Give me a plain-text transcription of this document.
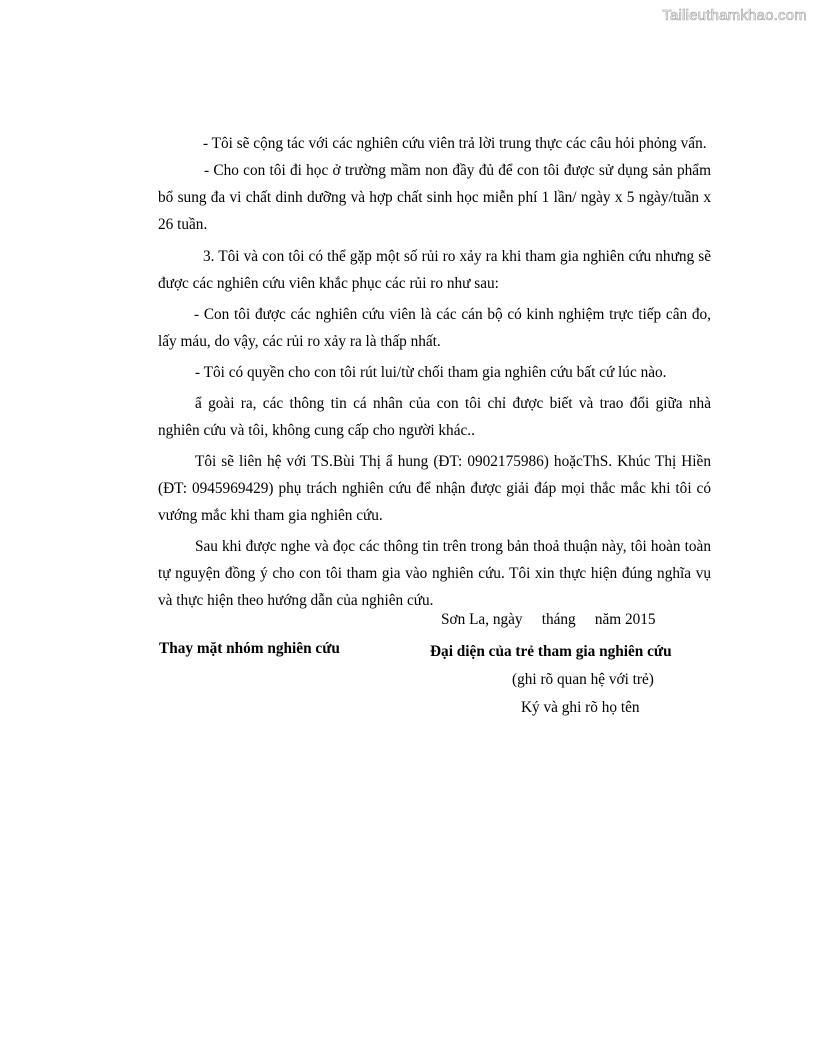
Tailieuthamkhao.com

- Tôi sẽ cộng tác với các nghiên cứu viên trả lời trung thực các câu hỏi phỏng vấn.

- Cho con tôi đi học ở trường mầm non đầy đủ để con tôi được sử dụng sản phẩm bổ sung đa vi chất dinh dưỡng và hợp chất sinh học miễn phí 1 lần/ ngày x 5 ngày/tuần x 26 tuần.

3. Tôi và con tôi có thể gặp một số rủi ro xảy ra khi tham gia nghiên cứu nhưng sẽ được các nghiên cứu viên khắc phục các rủi ro như sau:

- Con tôi được các nghiên cứu viên là các cán bộ có kinh nghiệm trực tiếp cân đo, lấy máu, do vậy, các rủi ro xảy ra là thấp nhất.

- Tôi có quyền cho con tôi rút lui/từ chối tham gia nghiên cứu bất cứ lúc nào.

ẩ goài ra, các thông tin cá nhân của con tôi chỉ được biết và trao đổi giữa nhà nghiên cứu và tôi, không cung cấp cho người khác..

Tôi sẽ liên hệ với TS.Bùi Thị ẩ hung (ĐT: 0902175986) hoặcThS. Khúc Thị Hiền (ĐT: 0945969429) phụ trách nghiên cứu để nhận được giải đáp mọi thắc mắc khi tôi có vướng mắc khi tham gia nghiên cứu.

Sau khi được nghe và đọc các thông tin trên trong bản thoả thuận này, tôi hoàn toàn tự nguyện đồng ý cho con tôi tham gia vào nghiên cứu. Tôi xin thực hiện đúng nghĩa vụ và thực hiện theo hướng dẫn của nghiên cứu.

Sơn La, ngày     tháng     năm 2015
Thay mặt nhóm nghiên cứu	Đại diện của trẻ tham gia nghiên cứu
(ghi rõ quan hệ với trẻ)
Ký và ghi rõ họ tên
